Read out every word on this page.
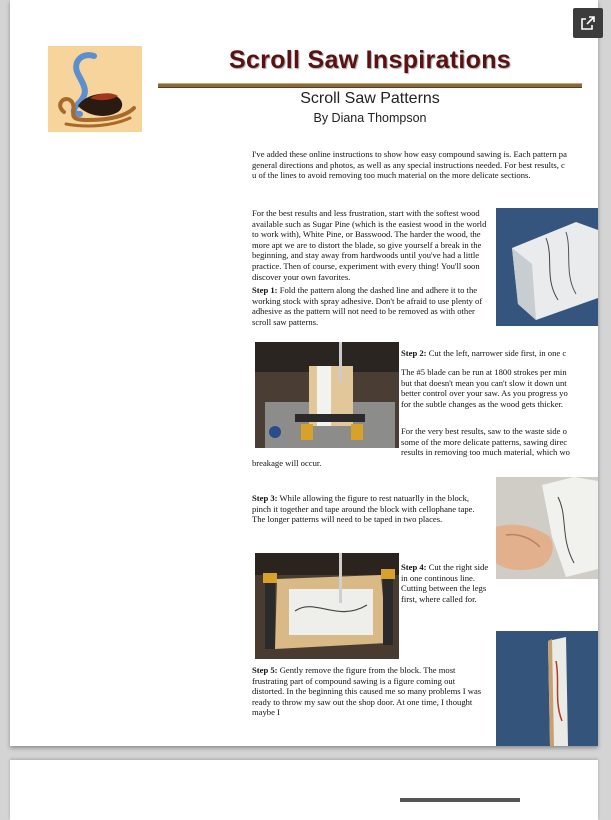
Scroll Saw Inspirations
Scroll Saw Patterns
By Diana Thompson
I've added these online instructions to show how easy compound sawing is. Each pattern pa
general directions and photos, as well as any special instructions needed. For best results, c
u of the lines to avoid removing too much material on the more delicate sections.
For the best results and less frustration, start with the softest wood available such as Sugar Pine (which is the easiest wood in the world to work with), White Pine, or Basswood. The harder the wood, the more apt we are to distort the blade, so give yourself a break in the beginning, and stay away from hardwoods until you've had a little practice. Then of course, experiment with every thing! You'll soon discover your own favorites.
Step 1: Fold the pattern along the dashed line and adhere it to the working stock with spray adhesive. Don't be afraid to use plenty of adhesive as the pattern will not need to be removed as with other scroll saw patterns.
Step 2: Cut the left, narrower side first, in one c
The #5 blade can be run at 1800 strokes per min
but that doesn't mean you can't slow it down unt
better control over your saw. As you progress yo
for the subtle changes as the wood gets thicker.
For the very best results, saw to the waste side o
some of the more delicate patterns, sawing direc
results in removing too much material, which wo
breakage will occur.
Step 3: While allowing the figure to rest natuarlly in the block, pinch it together and tape around the block with cellophane tape. The longer patterns will need to be taped in two places.
Step 4: Cut the right side in one continous line. Cutting between the legs first, where called for.
Step 5: Gently remove the figure from the block. The most frustrating part of compound sawing is a figure coming out distorted. In the beginning this caused me so many problems I was ready to throw my saw out the shop door. At one time, I thought maybe I
